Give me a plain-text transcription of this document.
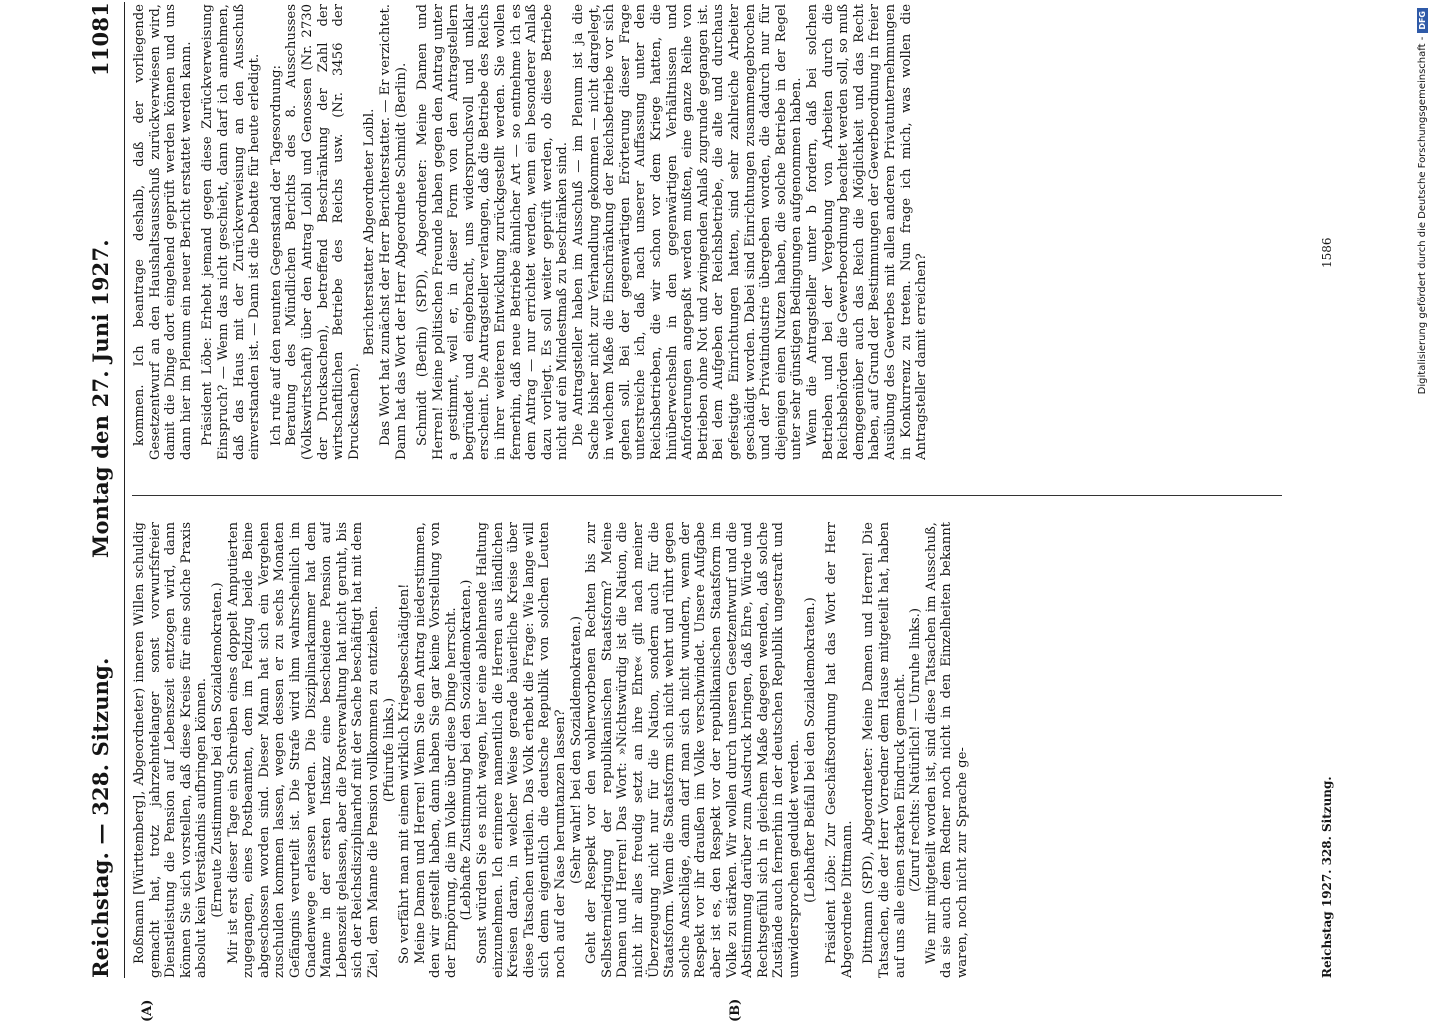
Reichstag. — 328. Sitzung.
Montag den 27. Juni 1927.
11081

Roßmann [Württemberg], Abgeordneter) inneren Willen schuldig gemacht hat, trotz jahrzehntelanger sonst vorwurfsfreier Dienstleistung die Pension auf Lebenszeit entzogen wird, dann können Sie sich vorstellen, daß diese Kreise für eine solche Praxis absolut kein Verständnis aufbringen können. (Erneute Zustimmung bei den Sozialdemokraten.) Mir ist erst dieser Tage ein Schreiben eines doppelt Amputierten zugegangen, eines Postbeamten, dem im Feldzug beide Beine abgeschossen worden sind. Dieser Mann hat sich ein Vergehen zuschulden kommen lassen, wegen dessen er zu sechs Monaten Gefängnis verurteilt ist. Die Strafe wird ihm wahrscheinlich im Gnadenwege erlassen werden. Die Disziplinarkammer hat dem Manne in der ersten Instanz eine bescheidene Pension auf Lebenszeit gelassen, aber die Postverwaltung hat nicht geruht, bis sich der Reichsdisziplinarhof mit der Sache beschäftigt hat mit dem Ziel, dem Manne die Pension vollkommen zu entziehen. (Pfuirufe links.) So verfährt man mit einem wirklich Kriegsbeschädigten! Meine Damen und Herren! Wenn Sie den Antrag niederstimmen, den wir gestellt haben, dann haben Sie gar keine Vorstellung von der Empörung, die im Volke über diese Dinge herrscht. (Lebhafte Zustimmung bei den Sozialdemokraten.) Sonst würden Sie es nicht wagen, hier eine ablehnende Haltung einzunehmen. Ich erinnere namentlich die Herren aus ländlichen Kreisen daran, in welcher Weise gerade bäuerliche Kreise über diese Tatsachen urteilen. Das Volk erhebt die Frage: Wie lange will sich denn eigentlich die deutsche Republik von solchen Leuten noch auf der Nase herumtanzen lassen? (Sehr wahr! bei den Sozialdemokraten.) Geht der Respekt vor den wohlerworbenen Rechten bis zur Selbsterniedrigung der republikanischen Staatsform? Meine Damen und Herren! Das Wort: »Nichtswürdig ist die Nation, die nicht ihr alles freudig setzt an ihre Ehre« gilt nach meiner Überzeugung nicht nur für die Nation, sondern auch für die Staatsform. Wenn die Staatsform sich nicht wehrt und rührt gegen solche Anschläge, dann darf man sich nicht wundern, wenn der Respekt vor ihr draußen im Volke verschwindet. Unsere Aufgabe aber ist es, den Respekt vor der republikanischen Staatsform im Volke zu stärken. Wir wollen durch unseren Gesetzentwurf und die Abstimmung darüber zum Ausdruck bringen, daß Ehre, Würde und Rechtsgefühl sich in gleichem Maße dagegen wenden, daß solche Zustände auch fernerhin in der deutschen Republik ungestraft und unwidersprochen geduldet werden. (Lebhafter Beifall bei den Sozialdemokraten.) Präsident Löbe: Zur Geschäftsordnung hat das Wort der Herr Abgeordnete Dittmann. Dittmann (SPD), Abgeordneter: Meine Damen und Herren! Die Tatsachen, die der Herr Vorredner dem Hause mitgeteilt hat, haben auf uns alle einen starken Eindruck gemacht. (Zuruf rechts: Natürlich! — Unruhe links.) Wie mir mitgeteilt worden ist, sind diese Tatsachen im Ausschuß, da sie auch dem Redner noch nicht in den Einzelheiten bekannt waren, noch nicht zur Sprache ge-

kommen. Ich beantrage deshalb, daß der vorliegende Gesetzentwurf an den Haushaltsausschuß zurückverwiesen wird, damit die Dinge dort eingehend geprüft werden können und uns dann hier im Plenum ein neuer Bericht erstattet werden kann. Präsident Löbe: Erhebt jemand gegen diese Zurückverweisung Einspruch? — Wenn das nicht geschieht, dann darf ich annehmen, daß das Haus mit der Zurückverweisung an den Ausschuß einverstanden ist. — Dann ist die Debatte für heute erledigt. Ich rufe auf den neunten Gegenstand der Tagesordnung: Beratung des Mündlichen Berichts des 8. Ausschusses (Volkswirtschaft) über den Antrag Loibl und Genossen (Nr. 2730 der Drucksachen), betreffend Beschränkung der Zahl der wirtschaftlichen Betriebe des Reichs usw. (Nr. 3456 der Drucksachen).

Berichterstatter Abgeordneter Loibl. Das Wort hat zunächst der Herr Berichterstatter. — Er verzichtet. Dann hat das Wort der Herr Abgeordnete Schmidt (Berlin). Schmidt (Berlin) (SPD), Abgeordneter: Meine Damen und Herren! Meine politischen Freunde haben gegen den Antrag unter a gestimmt, weil er, in dieser Form von den Antragstellern begründet und eingebracht, uns widerspruchsvoll und unklar erscheint. Die Antragsteller verlangen, daß die Betriebe des Reichs in ihrer weiteren Entwicklung zurückgestellt werden. Sie wollen fernerhin, daß neue Betriebe ähnlicher Art — so entnehme ich es dem Antrag — nur errichtet werden, wenn ein besonderer Anlaß dazu vorliegt. Es soll weiter geprüft werden, ob diese Betriebe nicht auf ein Mindestmaß zu beschränken sind. Die Antragsteller haben im Ausschuß — im Plenum ist ja die Sache bisher nicht zur Verhandlung gekommen — nicht dargelegt, in welchem Maße die Einschränkung der Reichsbetriebe vor sich gehen soll. Bei der gegenwärtigen Erörterung dieser Frage unterstreiche ich, daß nach unserer Auffassung unter den Reichsbetrieben, die wir schon vor dem Kriege hatten, die hinüberwechseln in den gegenwärtigen Verhältnissen und Anforderungen angepaßt werden mußten, eine ganze Reihe von Betrieben ohne Not und zwingenden Anlaß zugrunde gegangen ist. Bei dem Aufgeben der Reichsbetriebe, die alte und durchaus gefestigte Einrichtungen hatten, sind sehr zahlreiche Arbeiter geschädigt worden. Dabei sind Einrichtungen zusammengebrochen und der Privatindustrie übergeben worden, die dadurch nur für diejenigen einen Nutzen haben, die solche Betriebe in der Regel unter sehr günstigen Bedingungen aufgenommen haben. Wenn die Antragsteller unter b fordern, daß bei solchen Betrieben und bei der Vergebung von Arbeiten durch die Reichsbehörden die Gewerbeordnung beachtet werden soll, so muß demgegenüber auch das Reich die Möglichkeit und das Recht haben, auf Grund der Bestimmungen der Gewerbeordnung in freier Ausübung des Gewerbes mit allen anderen Privatunternehmungen in Konkurrenz zu treten. Nun frage ich mich, was wollen die Antragsteller damit erreichen?

(A)	(B)
Reichstag 1927. 328. Sitzung.
1586	Digitalisierung gefördert durch die Deutsche Forschungsgemeinschaft -
DFG
